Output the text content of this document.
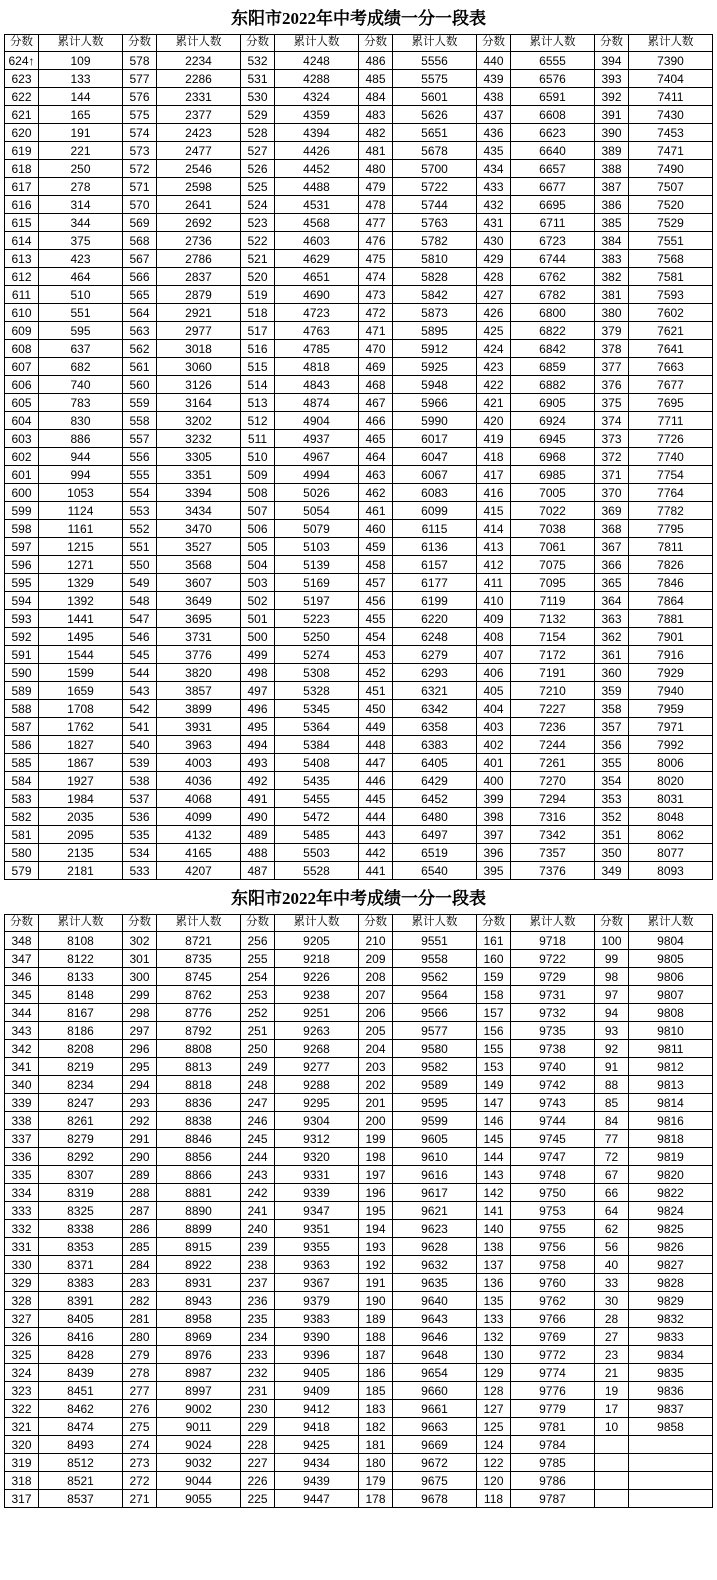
东阳市2022年中考成绩一分一段表
分数	累计人数	分数	累计人数	分数	累计人数	分数	累计人数	分数	累计人数	分数	累计人数
624↑	109	578	2234	532	4248	486	5556	440	6555	394	7390
623	133	577	2286	531	4288	485	5575	439	6576	393	7404
622	144	576	2331	530	4324	484	5601	438	6591	392	7411
621	165	575	2377	529	4359	483	5626	437	6608	391	7430
620	191	574	2423	528	4394	482	5651	436	6623	390	7453
619	221	573	2477	527	4426	481	5678	435	6640	389	7471
618	250	572	2546	526	4452	480	5700	434	6657	388	7490
617	278	571	2598	525	4488	479	5722	433	6677	387	7507
616	314	570	2641	524	4531	478	5744	432	6695	386	7520
615	344	569	2692	523	4568	477	5763	431	6711	385	7529
614	375	568	2736	522	4603	476	5782	430	6723	384	7551
613	423	567	2786	521	4629	475	5810	429	6744	383	7568
612	464	566	2837	520	4651	474	5828	428	6762	382	7581
611	510	565	2879	519	4690	473	5842	427	6782	381	7593
610	551	564	2921	518	4723	472	5873	426	6800	380	7602
609	595	563	2977	517	4763	471	5895	425	6822	379	7621
608	637	562	3018	516	4785	470	5912	424	6842	378	7641
607	682	561	3060	515	4818	469	5925	423	6859	377	7663
606	740	560	3126	514	4843	468	5948	422	6882	376	7677
605	783	559	3164	513	4874	467	5966	421	6905	375	7695
604	830	558	3202	512	4904	466	5990	420	6924	374	7711
603	886	557	3232	511	4937	465	6017	419	6945	373	7726
602	944	556	3305	510	4967	464	6047	418	6968	372	7740
601	994	555	3351	509	4994	463	6067	417	6985	371	7754
600	1053	554	3394	508	5026	462	6083	416	7005	370	7764
599	1124	553	3434	507	5054	461	6099	415	7022	369	7782
598	1161	552	3470	506	5079	460	6115	414	7038	368	7795
597	1215	551	3527	505	5103	459	6136	413	7061	367	7811
596	1271	550	3568	504	5139	458	6157	412	7075	366	7826
595	1329	549	3607	503	5169	457	6177	411	7095	365	7846
594	1392	548	3649	502	5197	456	6199	410	7119	364	7864
593	1441	547	3695	501	5223	455	6220	409	7132	363	7881
592	1495	546	3731	500	5250	454	6248	408	7154	362	7901
591	1544	545	3776	499	5274	453	6279	407	7172	361	7916
590	1599	544	3820	498	5308	452	6293	406	7191	360	7929
589	1659	543	3857	497	5328	451	6321	405	7210	359	7940
588	1708	542	3899	496	5345	450	6342	404	7227	358	7959
587	1762	541	3931	495	5364	449	6358	403	7236	357	7971
586	1827	540	3963	494	5384	448	6383	402	7244	356	7992
585	1867	539	4003	493	5408	447	6405	401	7261	355	8006
584	1927	538	4036	492	5435	446	6429	400	7270	354	8020
583	1984	537	4068	491	5455	445	6452	399	7294	353	8031
582	2035	536	4099	490	5472	444	6480	398	7316	352	8048
581	2095	535	4132	489	5485	443	6497	397	7342	351	8062
580	2135	534	4165	488	5503	442	6519	396	7357	350	8077
579	2181	533	4207	487	5528	441	6540	395	7376	349	8093
东阳市2022年中考成绩一分一段表
分数	累计人数	分数	累计人数	分数	累计人数	分数	累计人数	分数	累计人数	分数	累计人数
348	8108	302	8721	256	9205	210	9551	161	9718	100	9804
347	8122	301	8735	255	9218	209	9558	160	9722	99	9805
346	8133	300	8745	254	9226	208	9562	159	9729	98	9806
345	8148	299	8762	253	9238	207	9564	158	9731	97	9807
344	8167	298	8776	252	9251	206	9566	157	9732	94	9808
343	8186	297	8792	251	9263	205	9577	156	9735	93	9810
342	8208	296	8808	250	9268	204	9580	155	9738	92	9811
341	8219	295	8813	249	9277	203	9582	153	9740	91	9812
340	8234	294	8818	248	9288	202	9589	149	9742	88	9813
339	8247	293	8836	247	9295	201	9595	147	9743	85	9814
338	8261	292	8838	246	9304	200	9599	146	9744	84	9816
337	8279	291	8846	245	9312	199	9605	145	9745	77	9818
336	8292	290	8856	244	9320	198	9610	144	9747	72	9819
335	8307	289	8866	243	9331	197	9616	143	9748	67	9820
334	8319	288	8881	242	9339	196	9617	142	9750	66	9822
333	8325	287	8890	241	9347	195	9621	141	9753	64	9824
332	8338	286	8899	240	9351	194	9623	140	9755	62	9825
331	8353	285	8915	239	9355	193	9628	138	9756	56	9826
330	8371	284	8922	238	9363	192	9632	137	9758	40	9827
329	8383	283	8931	237	9367	191	9635	136	9760	33	9828
328	8391	282	8943	236	9379	190	9640	135	9762	30	9829
327	8405	281	8958	235	9383	189	9643	133	9766	28	9832
326	8416	280	8969	234	9390	188	9646	132	9769	27	9833
325	8428	279	8976	233	9396	187	9648	130	9772	23	9834
324	8439	278	8987	232	9405	186	9654	129	9774	21	9835
323	8451	277	8997	231	9409	185	9660	128	9776	19	9836
322	8462	276	9002	230	9412	183	9661	127	9779	17	9837
321	8474	275	9011	229	9418	182	9663	125	9781	10	9858
320	8493	274	9024	228	9425	181	9669	124	9784		
319	8512	273	9032	227	9434	180	9672	122	9785		
318	8521	272	9044	226	9439	179	9675	120	9786		
317	8537	271	9055	225	9447	178	9678	118	9787		
